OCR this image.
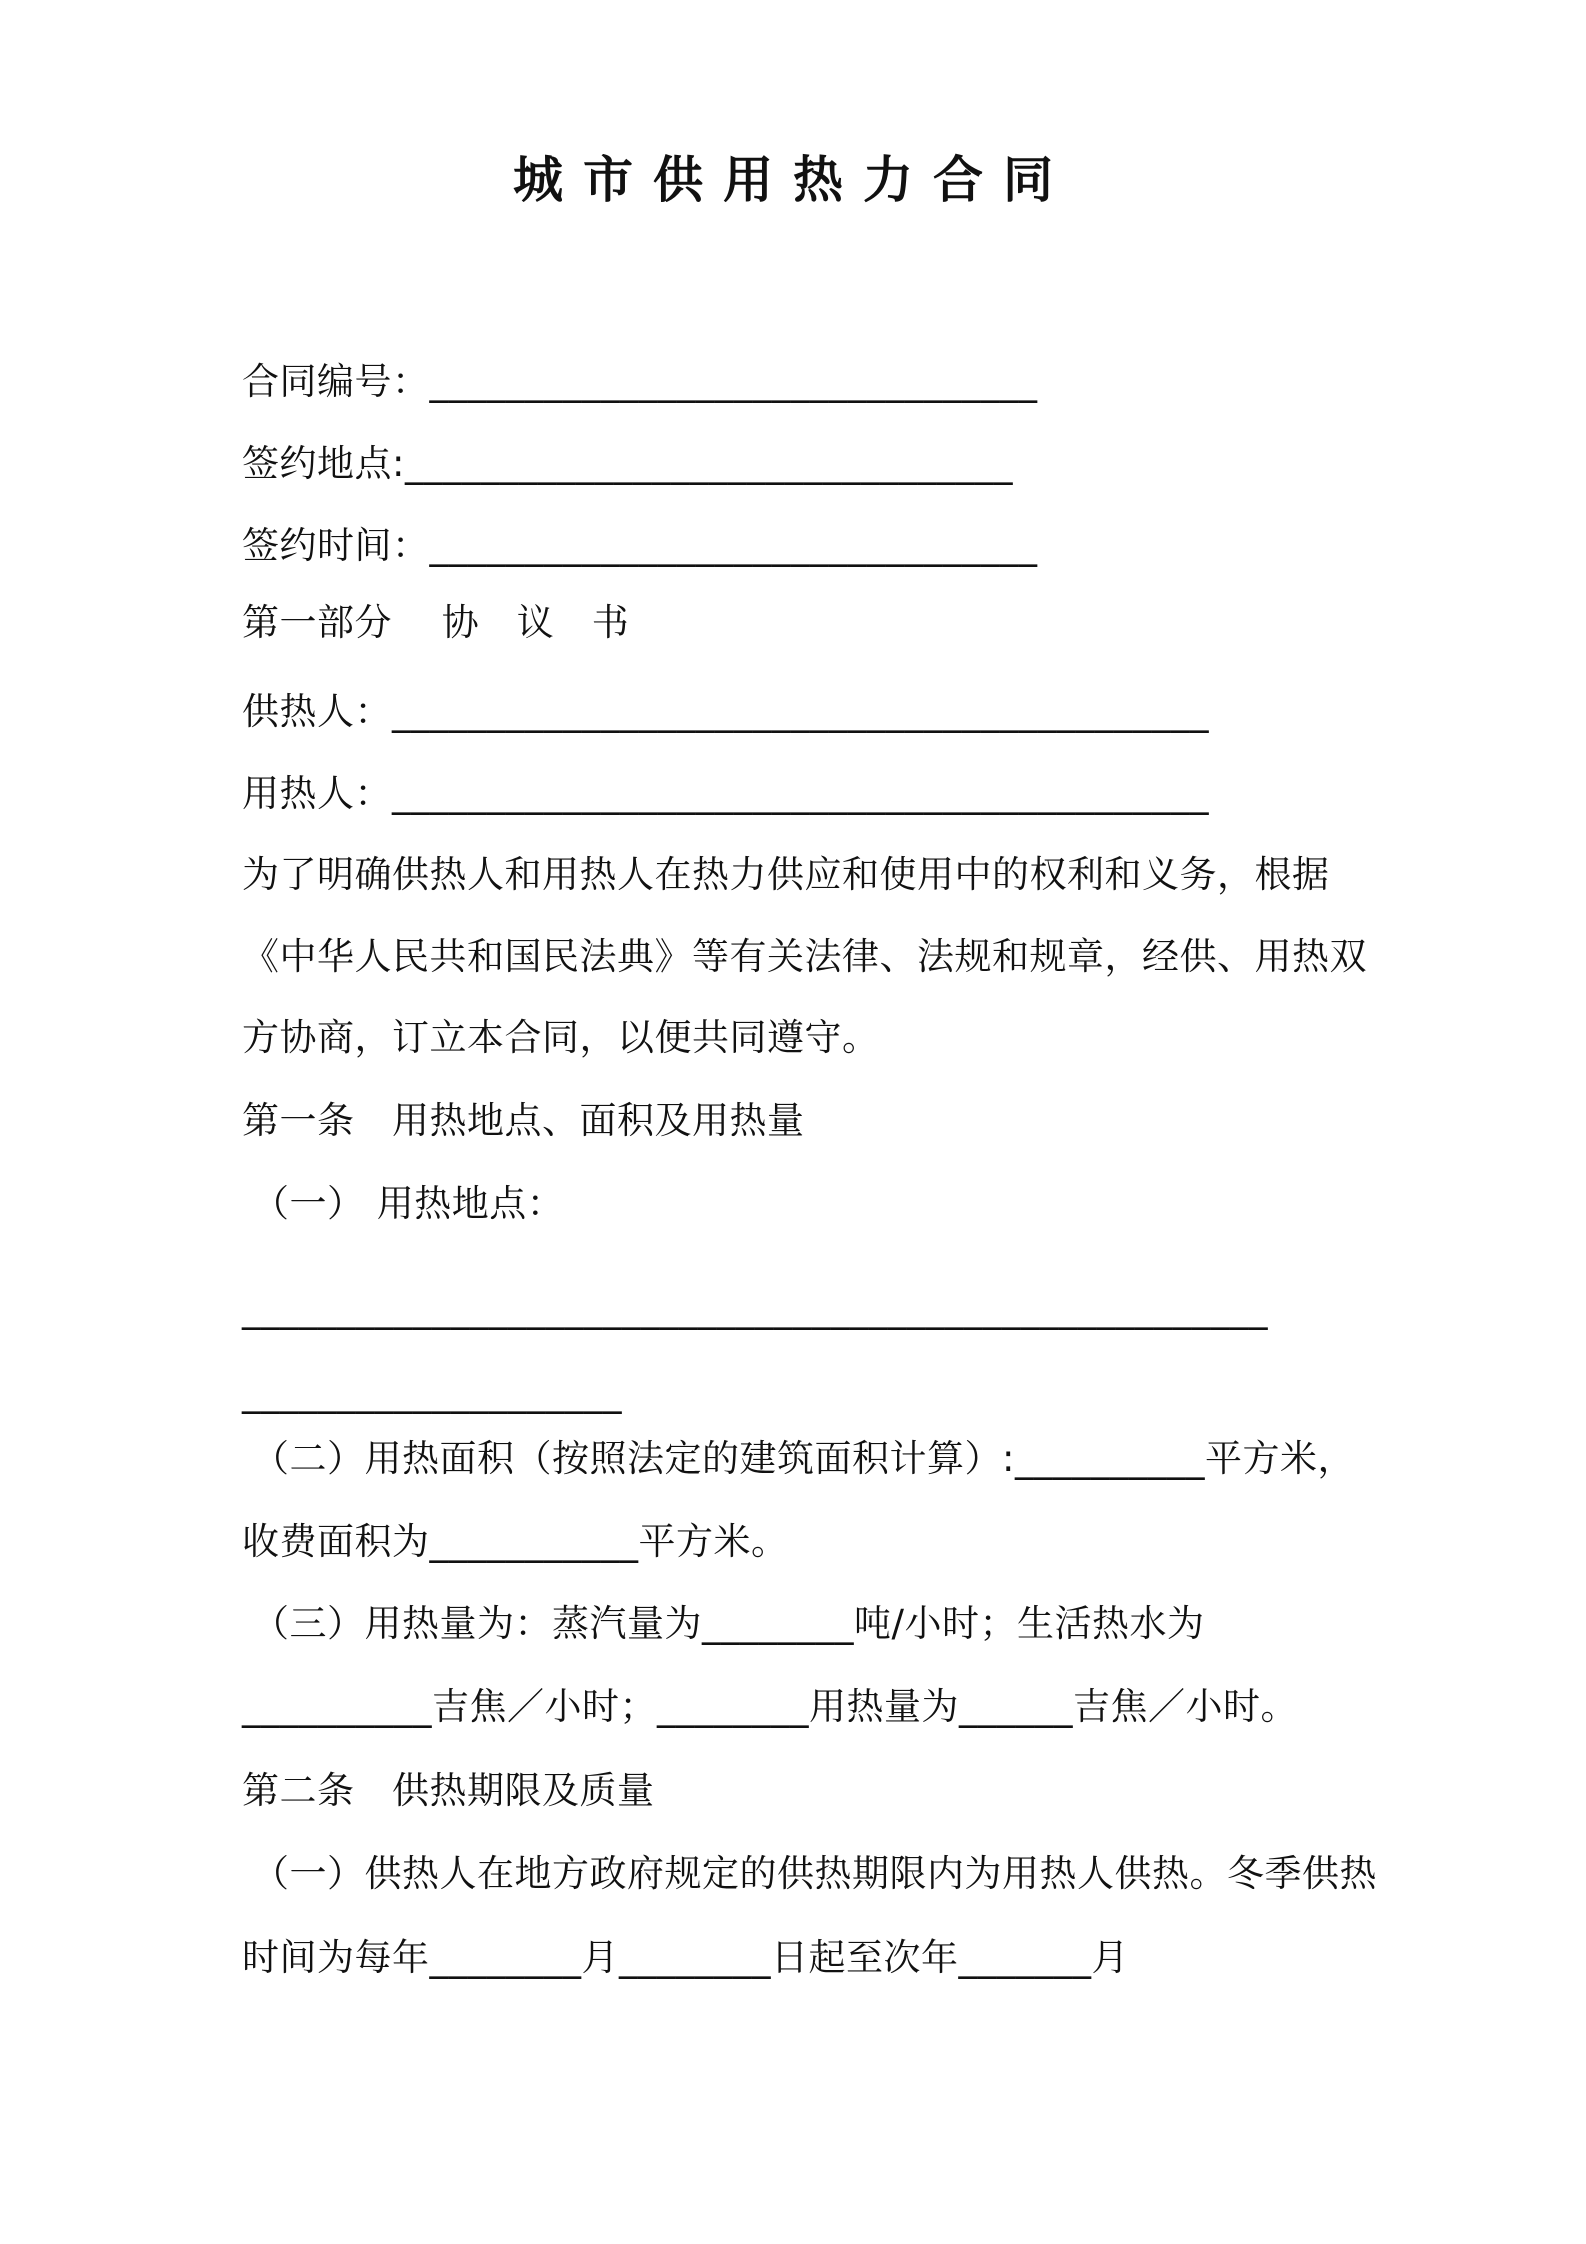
城市供用热力合同
合同编号：________________________________
签约地点:________________________________
签约时间：________________________________
第一部分　 协　议　书
供热人：___________________________________________
用热人：___________________________________________
为了明确供热人和用热人在热力供应和使用中的权利和义务，根据
《中华人民共和国民法典》等有关法律、法规和规章，经供、用热双
方协商，订立本合同，以便共同遵守。
第一条　用热地点、面积及用热量
（一） 用热地点：
______________________________________________________
____________________
（二）用热面积（按照法定的建筑面积计算）:__________平方米，
收费面积为___________平方米。
（三）用热量为：蒸汽量为________吨/小时；生活热水为
__________吉焦／小时；________用热量为______吉焦／小时。
第二条　供热期限及质量
（一）供热人在地方政府规定的供热期限内为用热人供热。冬季供热
时间为每年________月________日起至次年_______月
